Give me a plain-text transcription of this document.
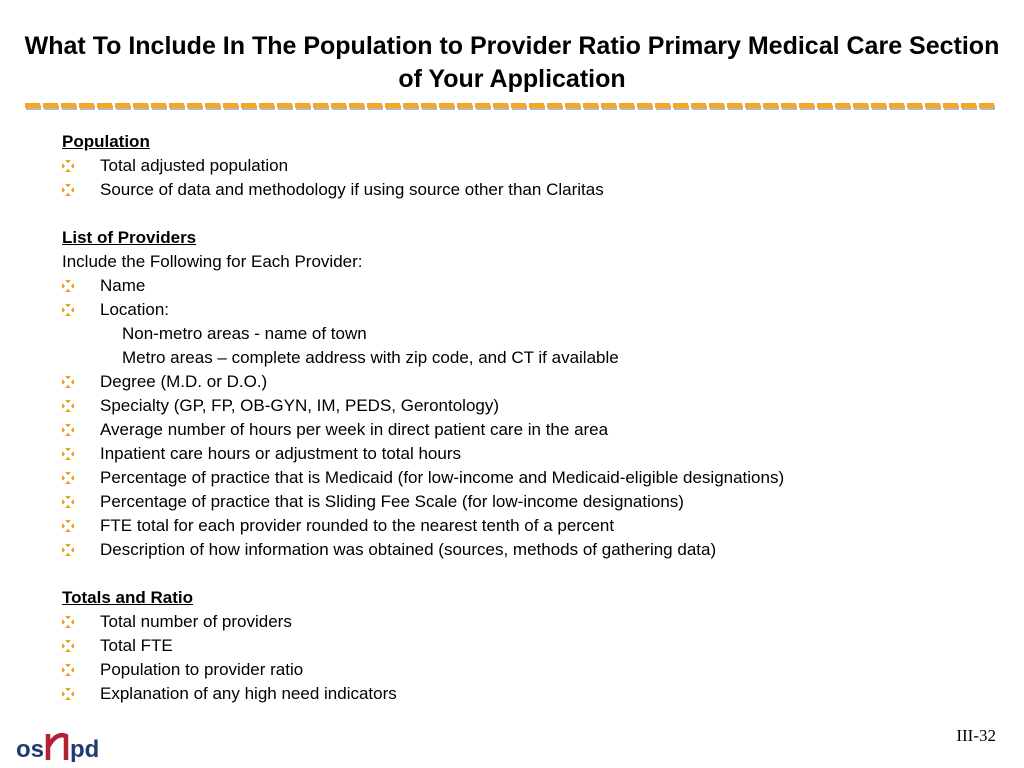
What To Include In The Population to Provider Ratio Primary Medical Care Section of Your Application
Population
Total adjusted population
Source of data and methodology if using source other than Claritas
List of Providers
Include the Following for Each Provider:
Name
Location:
Non-metro areas - name of town
Metro areas – complete address with zip code, and CT if available
Degree (M.D. or D.O.)
Specialty (GP, FP, OB-GYN, IM, PEDS, Gerontology)
Average number of hours per week in direct patient care in the area
Inpatient care hours or adjustment to total hours
Percentage of practice that is Medicaid (for low-income and Medicaid-eligible designations)
Percentage of practice that is Sliding Fee Scale (for low-income designations)
FTE total for each provider rounded to the nearest tenth of a percent
Description of how information was obtained (sources, methods of gathering data)
Totals and Ratio
Total number of providers
Total FTE
Population to provider ratio
Explanation of any high need indicators
os pd
III-32
